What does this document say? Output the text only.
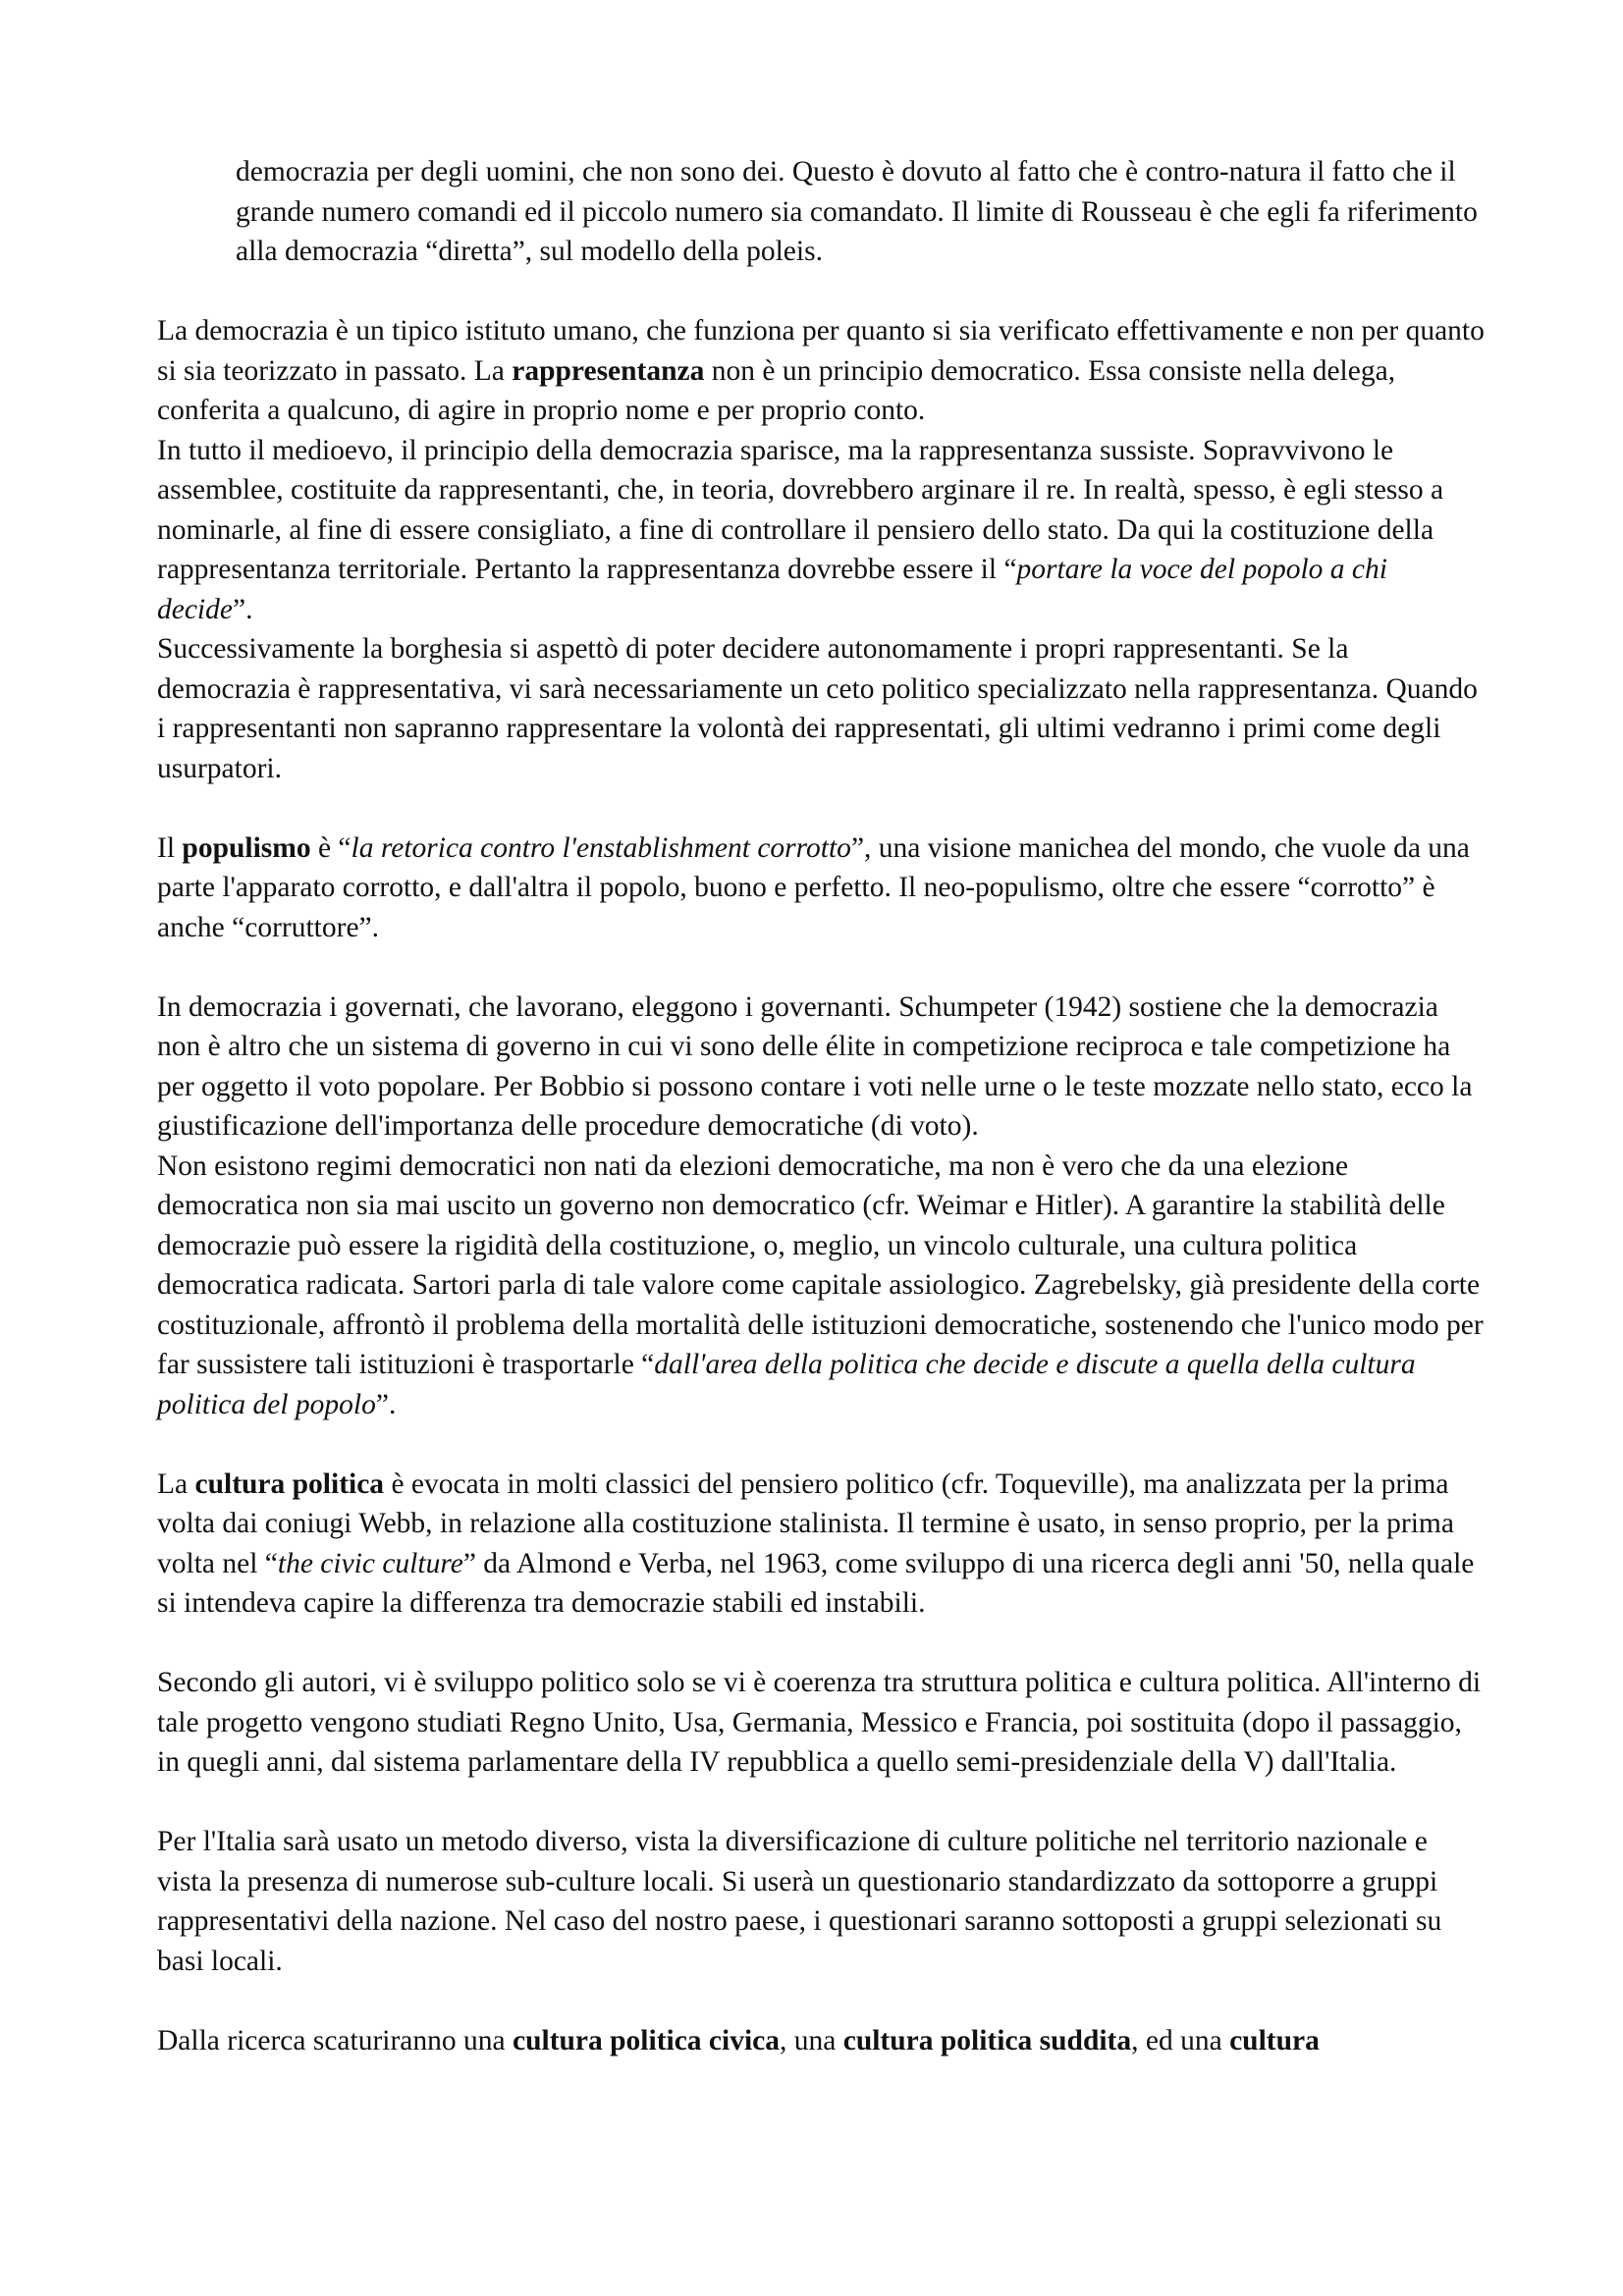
democrazia per degli uomini, che non sono dei. Questo è dovuto al fatto che è contro-natura il fatto che il grande numero comandi ed il piccolo numero sia comandato. Il limite di Rousseau è che egli fa riferimento alla democrazia “diretta”, sul modello della poleis.

La democrazia è un tipico istituto umano, che funziona per quanto si sia verificato effettivamente e non per quanto si sia teorizzato in passato. La rappresentanza non è un principio democratico. Essa consiste nella delega, conferita a qualcuno, di agire in proprio nome e per proprio conto.

In tutto il medioevo, il principio della democrazia sparisce, ma la rappresentanza sussiste. Sopravvivono le assemblee, costituite da rappresentanti, che, in teoria, dovrebbero arginare il re. In realtà, spesso, è egli stesso a nominarle, al fine di essere consigliato, a fine di controllare il pensiero dello stato. Da qui la costituzione della rappresentanza territoriale. Pertanto la rappresentanza dovrebbe essere il “portare la voce del popolo a chi decide”.

Successivamente la borghesia si aspettò di poter decidere autonomamente i propri rappresentanti. Se la democrazia è rappresentativa, vi sarà necessariamente un ceto politico specializzato nella rappresentanza. Quando i rappresentanti non sapranno rappresentare la volontà dei rappresentati, gli ultimi vedranno i primi come degli usurpatori.

Il populismo è “la retorica contro l'enstablishment corrotto”, una visione manichea del mondo, che vuole da una parte l'apparato corrotto, e dall'altra il popolo, buono e perfetto. Il neo-populismo, oltre che essere “corrotto” è anche “corruttore”.

In democrazia i governati, che lavorano, eleggono i governanti. Schumpeter (1942) sostiene che la democrazia non è altro che un sistema di governo in cui vi sono delle élite in competizione reciproca e tale competizione ha per oggetto il voto popolare. Per Bobbio si possono contare i voti nelle urne o le teste mozzate nello stato, ecco la giustificazione dell'importanza delle procedure democratiche (di voto).

Non esistono regimi democratici non nati da elezioni democratiche, ma non è vero che da una elezione democratica non sia mai uscito un governo non democratico (cfr. Weimar e Hitler). A garantire la stabilità delle democrazie può essere la rigidità della costituzione, o, meglio, un vincolo culturale, una cultura politica democratica radicata. Sartori parla di tale valore come capitale assiologico. Zagrebelsky, già presidente della corte costituzionale, affrontò il problema della mortalità delle istituzioni democratiche, sostenendo che l'unico modo per far sussistere tali istituzioni è trasportarle “dall'area della politica che decide e discute a quella della cultura politica del popolo”.

La cultura politica è evocata in molti classici del pensiero politico (cfr. Toqueville), ma analizzata per la prima volta dai coniugi Webb, in relazione alla costituzione stalinista. Il termine è usato, in senso proprio, per la prima volta nel “the civic culture” da Almond e Verba, nel 1963, come sviluppo di una ricerca degli anni '50, nella quale si intendeva capire la differenza tra democrazie stabili ed instabili.

Secondo gli autori, vi è sviluppo politico solo se vi è coerenza tra struttura politica e cultura politica. All'interno di tale progetto vengono studiati Regno Unito, Usa, Germania, Messico e Francia, poi sostituita (dopo il passaggio, in quegli anni, dal sistema parlamentare della IV repubblica a quello semi-presidenziale della V) dall'Italia.

Per l'Italia sarà usato un metodo diverso, vista la diversificazione di culture politiche nel territorio nazionale e vista la presenza di numerose sub-culture locali. Si userà un questionario standardizzato da sottoporre a gruppi rappresentativi della nazione. Nel caso del nostro paese, i questionari saranno sottoposti a gruppi selezionati su basi locali.

Dalla ricerca scaturiranno una cultura politica civica, una cultura politica suddita, ed una cultura
